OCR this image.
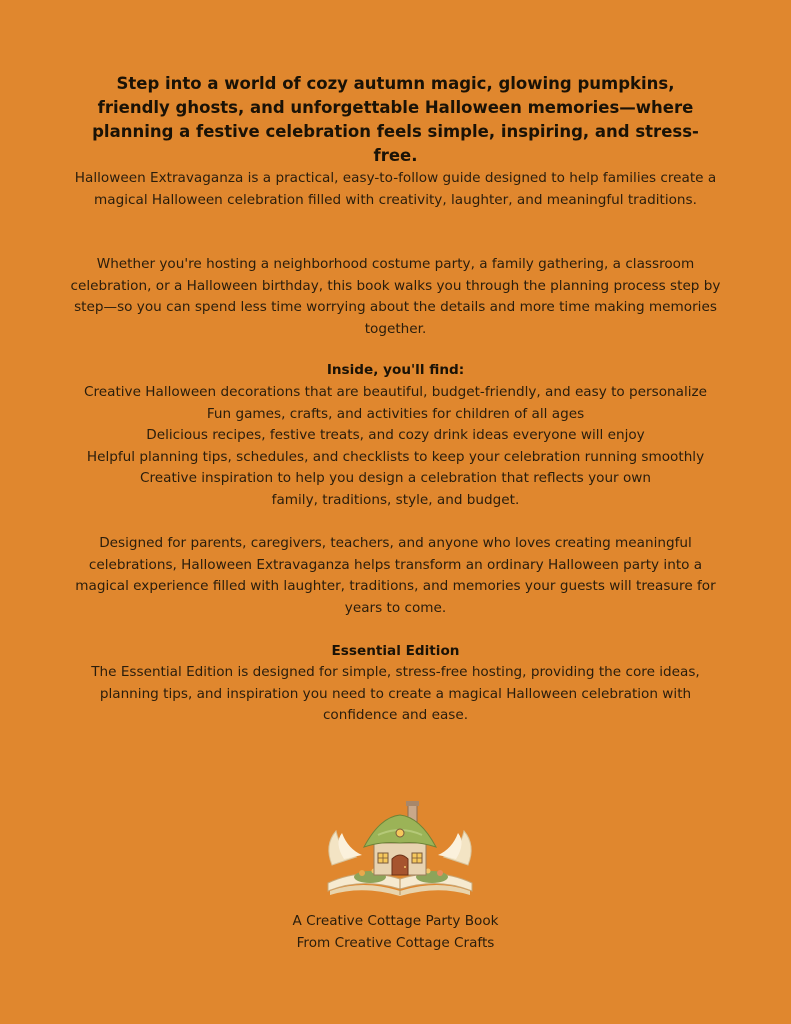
Step into a world of cozy autumn magic, glowing pumpkins, friendly ghosts, and unforgettable Halloween memories—where planning a festive celebration feels simple, inspiring, and stress-free.

Halloween Extravaganza is a practical, easy-to-follow guide designed to help families create a magical Halloween celebration filled with creativity, laughter, and meaningful traditions.

Whether you're hosting a neighborhood costume party, a family gathering, a classroom celebration, or a Halloween birthday, this book walks you through the planning process step by step—so you can spend less time worrying about the details and more time making memories together.

Inside, you'll find:

Creative Halloween decorations that are beautiful, budget-friendly, and easy to personalize
Fun games, crafts, and activities for children of all ages
Delicious recipes, festive treats, and cozy drink ideas everyone will enjoy
Helpful planning tips, schedules, and checklists to keep your celebration running smoothly
Creative inspiration to help you design a celebration that reflects your own family, traditions, style, and budget.

Designed for parents, caregivers, teachers, and anyone who loves creating meaningful celebrations, Halloween Extravaganza helps transform an ordinary Halloween party into a magical experience filled with laughter, traditions, and memories your guests will treasure for years to come.

Essential Edition

The Essential Edition is designed for simple, stress-free hosting, providing the core ideas, planning tips, and inspiration you need to create a magical Halloween celebration with confidence and ease.

A Creative Cottage Party Book

From Creative Cottage Crafts
